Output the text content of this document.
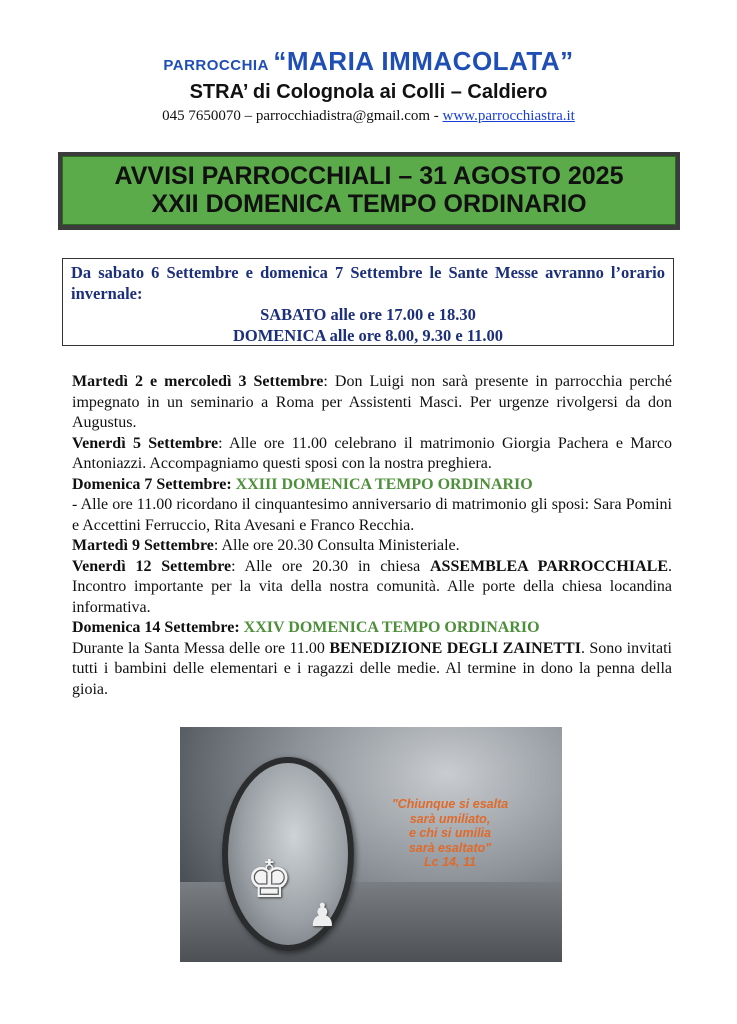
PARROCCHIA “MARIA IMMACOLATA”
STRA’ di Colognola ai Colli – Caldiero
045 7650070 – parrocchiadistra@gmail.com - www.parrocchiastra.it
AVVISI PARROCCHIALI – 31 AGOSTO 2025
XXII DOMENICA TEMPO ORDINARIO
Da sabato 6 Settembre e domenica 7 Settembre le Sante Messe avranno l’orario invernale:
SABATO alle ore 17.00 e 18.30
DOMENICA alle ore 8.00, 9.30 e 11.00

Martedì 2 e mercoledì 3 Settembre: Don Luigi non sarà presente in parrocchia perché impegnato in un seminario a Roma per Assistenti Masci. Per urgenze rivolgersi da don Augustus.

Venerdì 5 Settembre: Alle ore 11.00 celebrano il matrimonio Giorgia Pachera e Marco Antoniazzi. Accompagniamo questi sposi con la nostra preghiera.

Domenica 7 Settembre: XXIII DOMENICA TEMPO ORDINARIO

- Alle ore 11.00 ricordano il cinquantesimo anniversario di matrimonio gli sposi: Sara Pomini e Accettini Ferruccio, Rita Avesani e Franco Recchia.

Martedì 9 Settembre: Alle ore 20.30 Consulta Ministeriale.

Venerdì 12 Settembre: Alle ore 20.30 in chiesa ASSEMBLEA PARROCCHIALE. Incontro importante per la vita della nostra comunità. Alle porte della chiesa locandina informativa.

Domenica 14 Settembre: XXIV DOMENICA TEMPO ORDINARIO

Durante la Santa Messa delle ore 11.00 BENEDIZIONE DEGLI ZAINETTI. Sono invitati tutti i bambini delle elementari e i ragazzi delle medie. Al termine in dono la penna della gioia.

♚
♟
"Chiunque si esalta
sarà umiliato,
e chi si umilia
sarà esaltato"
Lc 14, 11
